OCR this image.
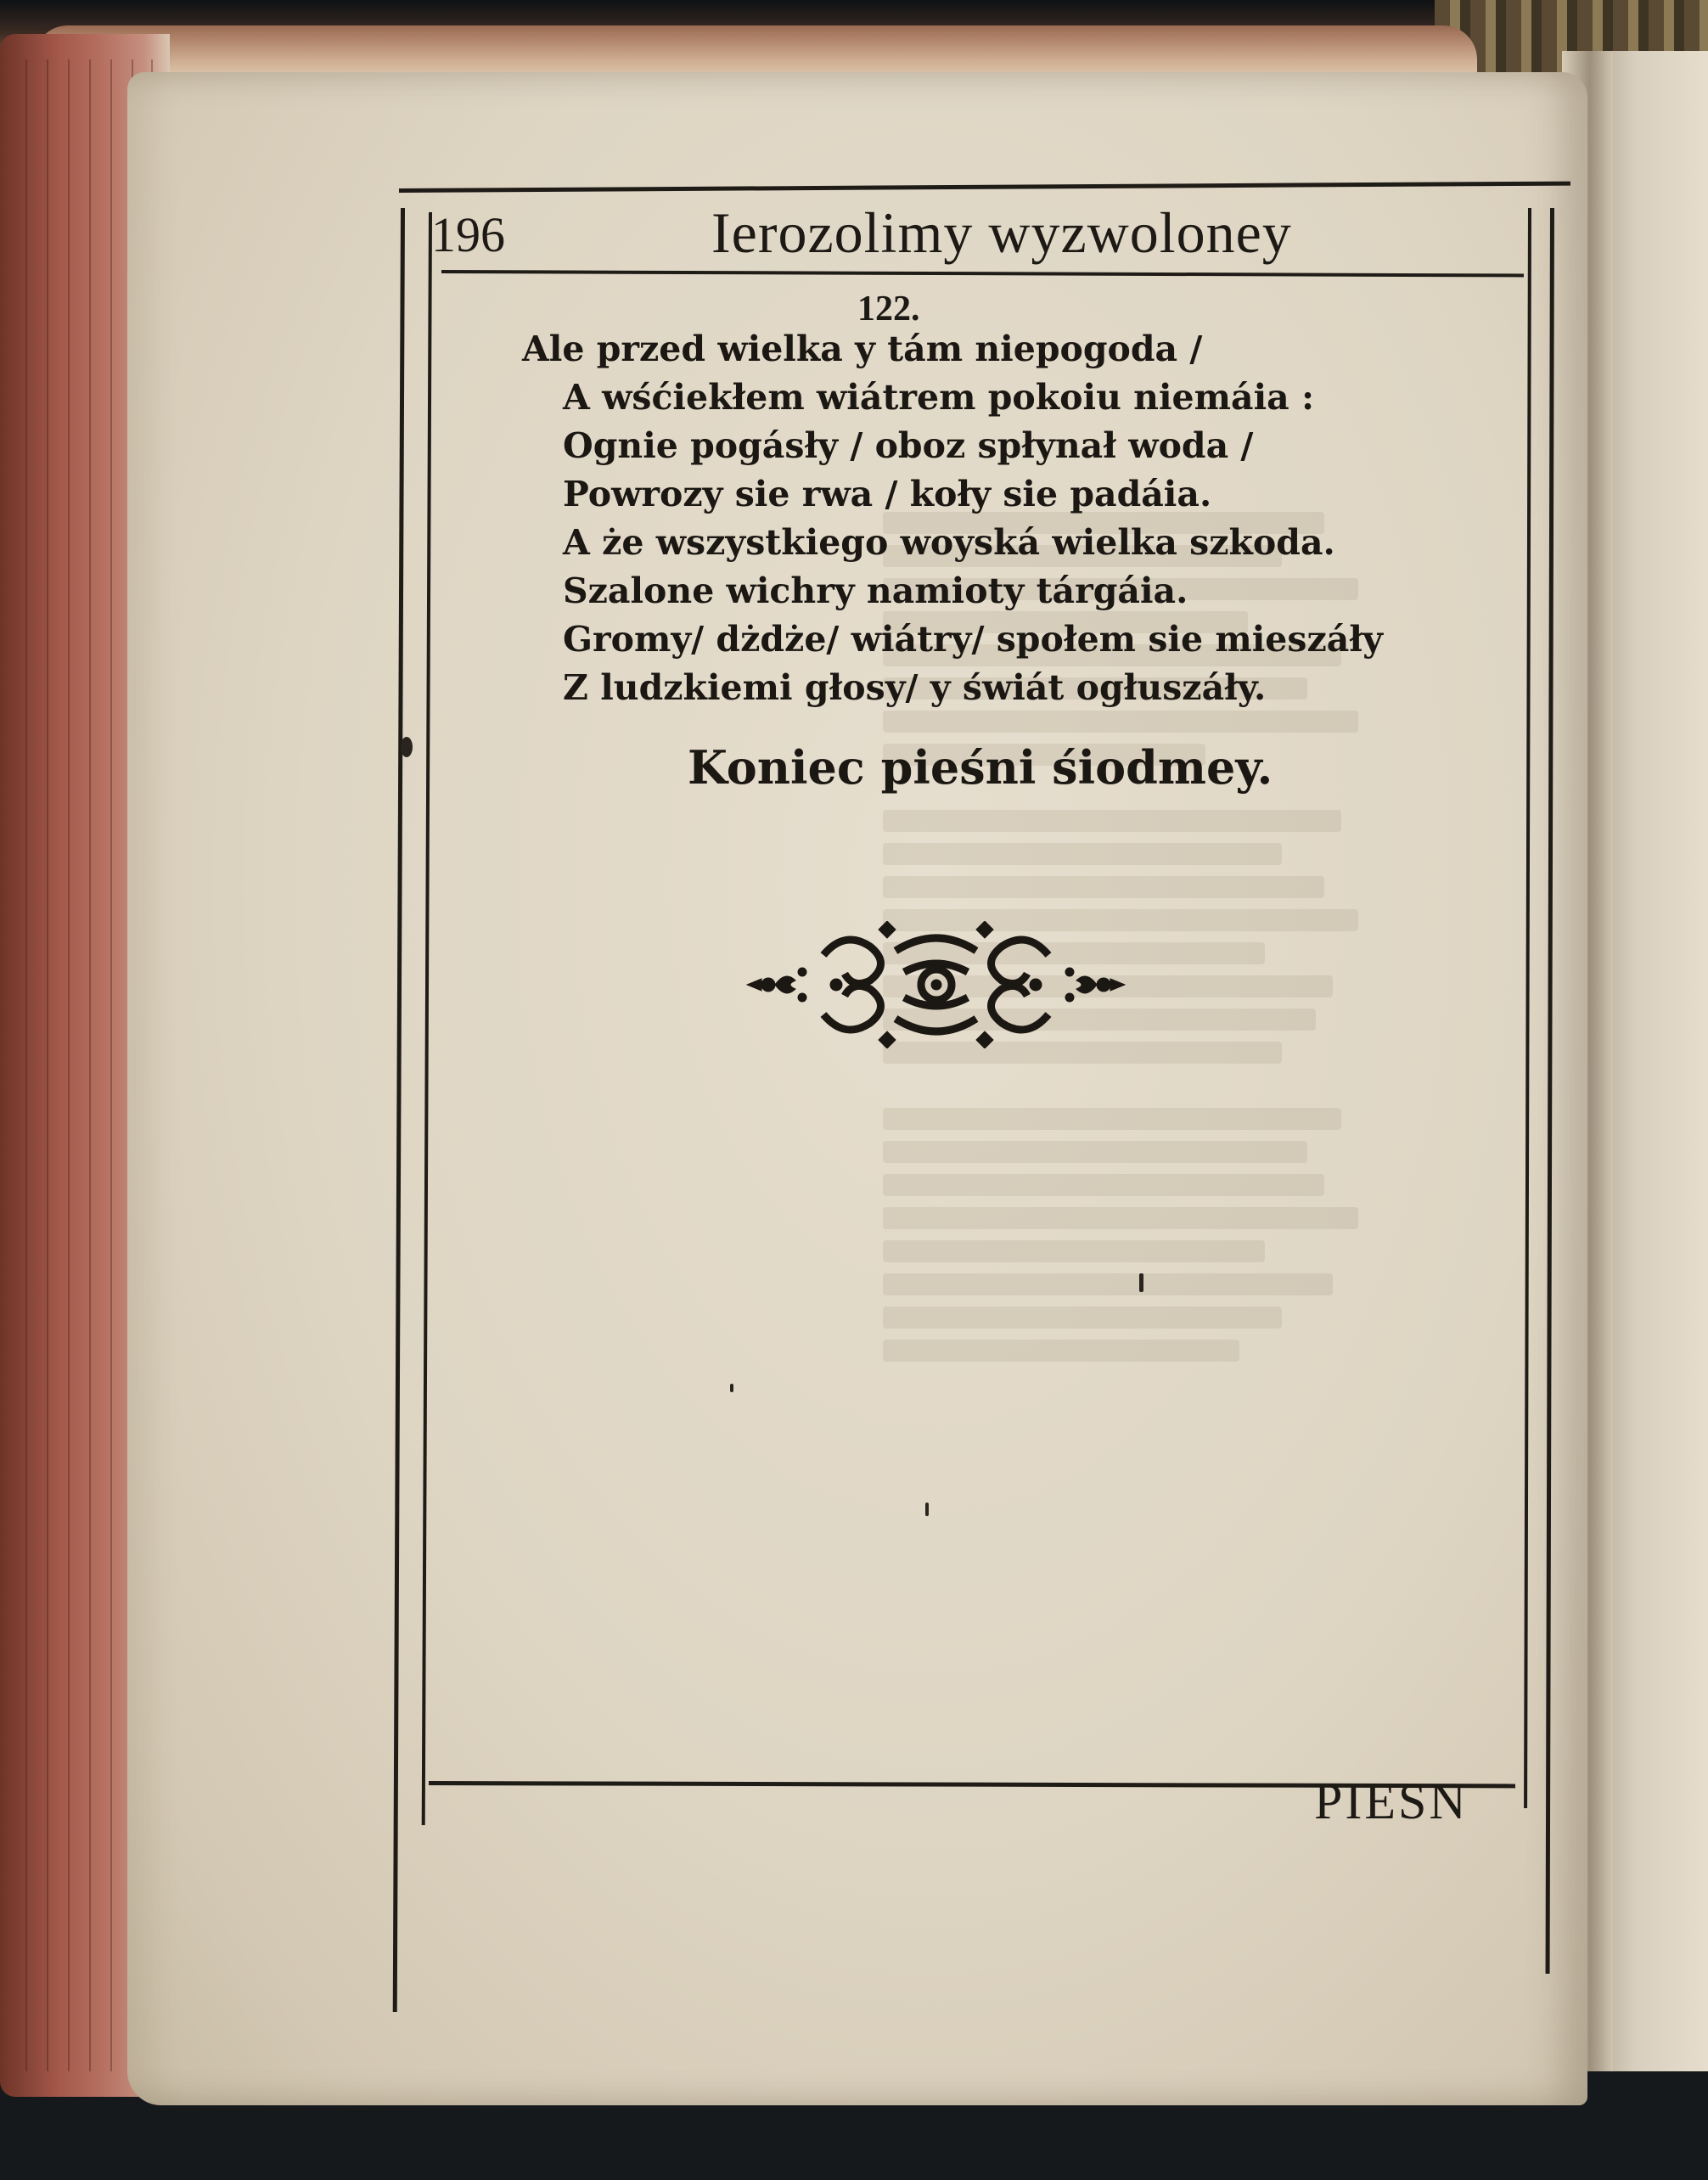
196	Ierozolimy wyzwoloney
122.
Ale przed wielka y tám niepogoda /
A wśćiekłem wiátrem pokoiu niemáia :
Ognie pogásły / oboz spłynał woda /
Powrozy sie rwa / koły sie padáia.
A że wszystkiego woyská wielka szkoda.
Szalone wichry namioty tárgáia.
Gromy/ dżdże/ wiátry/ społem sie mieszáły
Z ludzkiemi głosy/ y świát ogłuszáły.
Koniec pieśni śiodmey.
PIESN
